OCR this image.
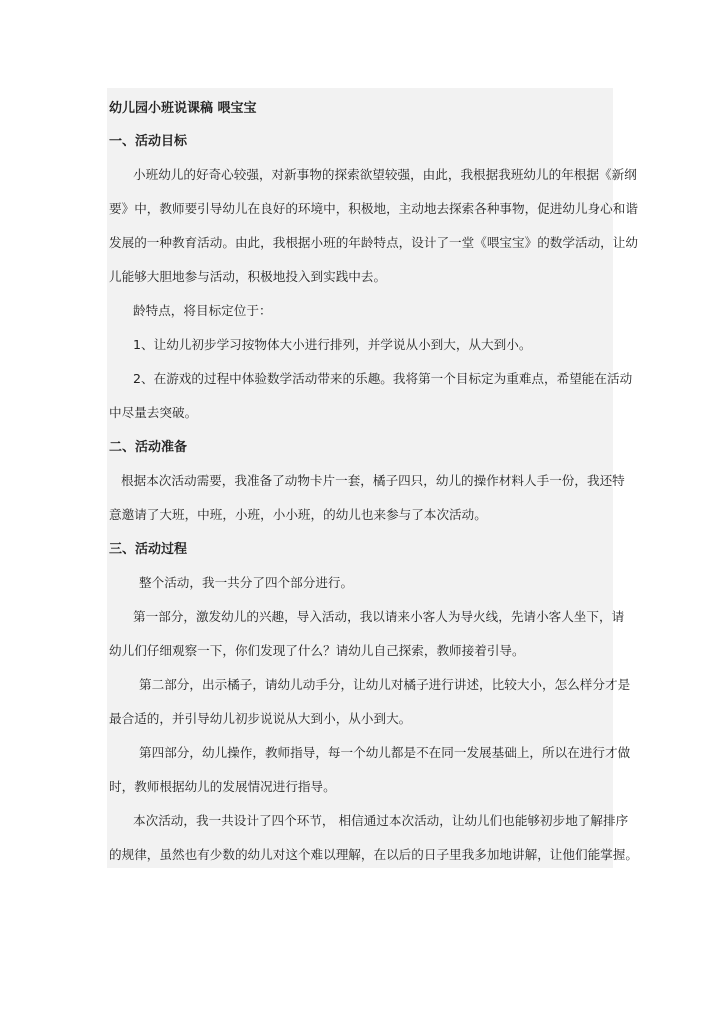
幼儿园小班说课稿 喂宝宝
一、活动目标
小班幼儿的好奇心较强，对新事物的探索欲望较强，由此，我根据我班幼儿的年根据《新纲
要》中，教师要引导幼儿在良好的环境中，积极地，主动地去探索各种事物，促进幼儿身心和谐
发展的一种教育活动。由此，我根据小班的年龄特点，设计了一堂《喂宝宝》的数学活动，让幼
儿能够大胆地参与活动，积极地投入到实践中去。
龄特点，将目标定位于：
1、让幼儿初步学习按物体大小进行排列，并学说从小到大，从大到小。
2、在游戏的过程中体验数学活动带来的乐趣。我将第一个目标定为重难点，希望能在活动
中尽量去突破。
二、活动准备
根据本次活动需要，我准备了动物卡片一套，橘子四只，幼儿的操作材料人手一份，我还特
意邀请了大班，中班，小班，小小班，的幼儿也来参与了本次活动。
三、活动过程
整个活动，我一共分了四个部分进行。
第一部分，激发幼儿的兴趣，导入活动，我以请来小客人为导火线，先请小客人坐下，请
幼儿们仔细观察一下，你们发现了什么？请幼儿自己探索，教师接着引导。
第二部分，出示橘子，请幼儿动手分，让幼儿对橘子进行讲述，比较大小，怎么样分才是
最合适的，并引导幼儿初步说说从大到小，从小到大。
第四部分，幼儿操作，教师指导，每一个幼儿都是不在同一发展基础上，所以在进行才做
时，教师根据幼儿的发展情况进行指导。
本次活动，我一共设计了四个环节， 相信通过本次活动，让幼儿们也能够初步地了解排序
的规律，虽然也有少数的幼儿对这个难以理解，在以后的日子里我多加地讲解，让他们能掌握。
